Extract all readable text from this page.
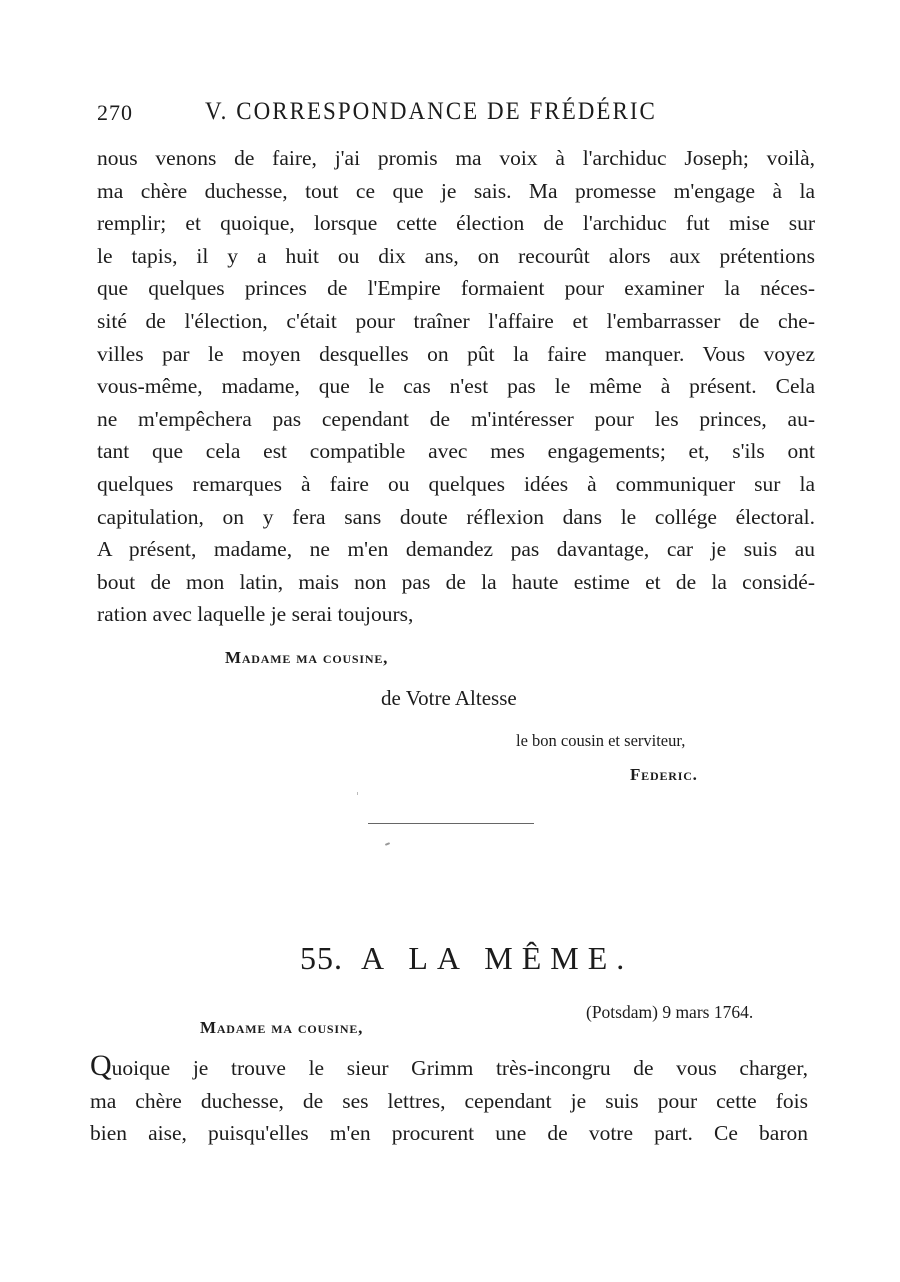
270	V. CORRESPONDANCE DE FRÉDÉRIC
nous venons de faire, j'ai promis ma voix à l'archiduc Joseph; voilà,
ma chère duchesse, tout ce que je sais. Ma promesse m'engage à la
remplir; et quoique, lorsque cette élection de l'archiduc fut mise sur
le tapis, il y a huit ou dix ans, on recourût alors aux prétentions
que quelques princes de l'Empire formaient pour examiner la néces-
sité de l'élection, c'était pour traîner l'affaire et l'embarrasser de che-
villes par le moyen desquelles on pût la faire manquer. Vous voyez
vous-même, madame, que le cas n'est pas le même à présent. Cela
ne m'empêchera pas cependant de m'intéresser pour les princes, au-
tant que cela est compatible avec mes engagements; et, s'ils ont
quelques remarques à faire ou quelques idées à communiquer sur la
capitulation, on y fera sans doute réflexion dans le collége électoral.
A présent, madame, ne m'en demandez pas davantage, car je suis au
bout de mon latin, mais non pas de la haute estime et de la considé-
ration avec laquelle je serai toujours,
Madame ma cousine,
de Votre Altesse
le bon cousin et serviteur,
Federic.
55. A LA MÊME.
(Potsdam) 9 mars 1764.
Madame ma cousine,
Quoique je trouve le sieur Grimm très-incongru de vous charger,
ma chère duchesse, de ses lettres, cependant je suis pour cette fois
bien aise, puisqu'elles m'en procurent une de votre part. Ce baron
